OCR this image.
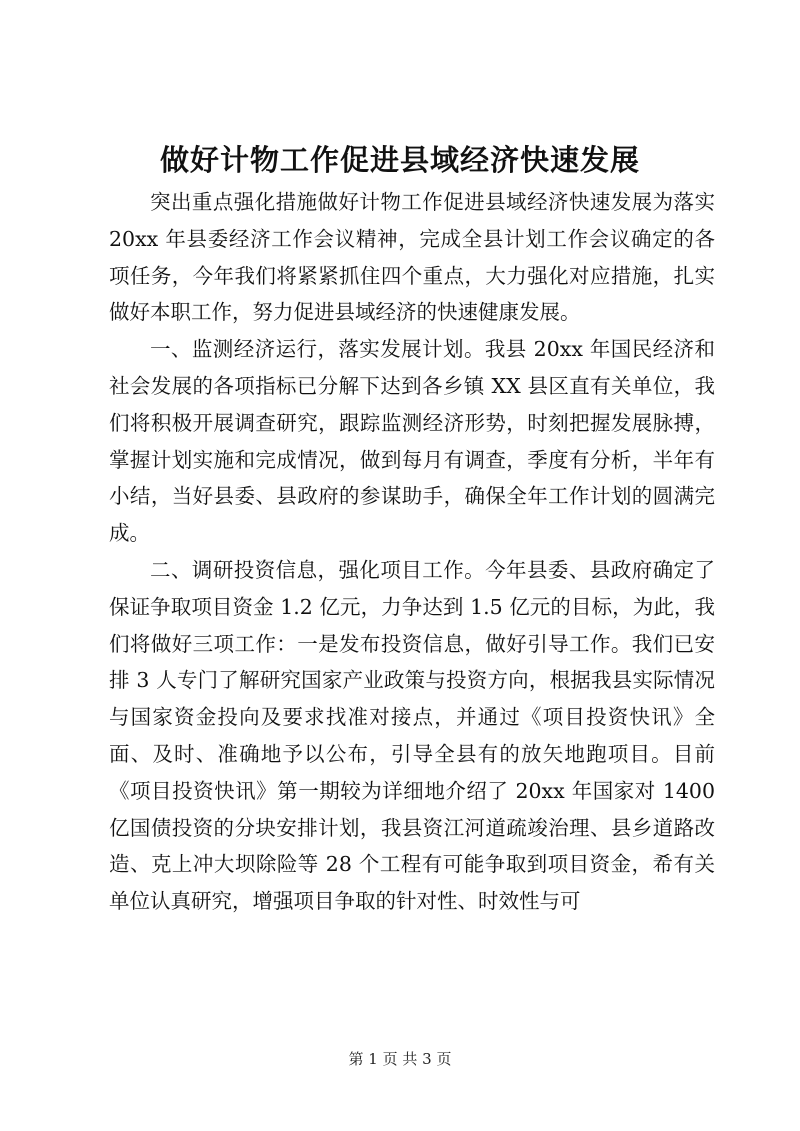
做好计物工作促进县域经济快速发展

突出重点强化措施做好计物工作促进县域经济快速发展为落实 20xx 年县委经济工作会议精神，完成全县计划工作会议确定的各项任务，今年我们将紧紧抓住四个重点，大力强化对应措施，扎实做好本职工作，努力促进县域经济的快速健康发展。

一、监测经济运行，落实发展计划。我县 20xx 年国民经济和社会发展的各项指标已分解下达到各乡镇 XX 县区直有关单位，我们将积极开展调查研究，跟踪监测经济形势，时刻把握发展脉搏，掌握计划实施和完成情况，做到每月有调查，季度有分析，半年有小结，当好县委、县政府的参谋助手，确保全年工作计划的圆满完成。

二、调研投资信息，强化项目工作。今年县委、县政府确定了保证争取项目资金 1.2 亿元，力争达到 1.5 亿元的目标，为此，我们将做好三项工作：一是发布投资信息，做好引导工作。我们已安排 3 人专门了解研究国家产业政策与投资方向，根据我县实际情况与国家资金投向及要求找准对接点，并通过《项目投资快讯》全面、及时、准确地予以公布，引导全县有的放矢地跑项目。目前《项目投资快讯》第一期较为详细地介绍了 20xx 年国家对 1400 亿国债投资的分块安排计划，我县资江河道疏竣治理、县乡道路改造、克上冲大坝除险等 28 个工程有可能争取到项目资金，希有关单位认真研究，增强项目争取的针对性、时效性与可

第 1 页 共 3 页
